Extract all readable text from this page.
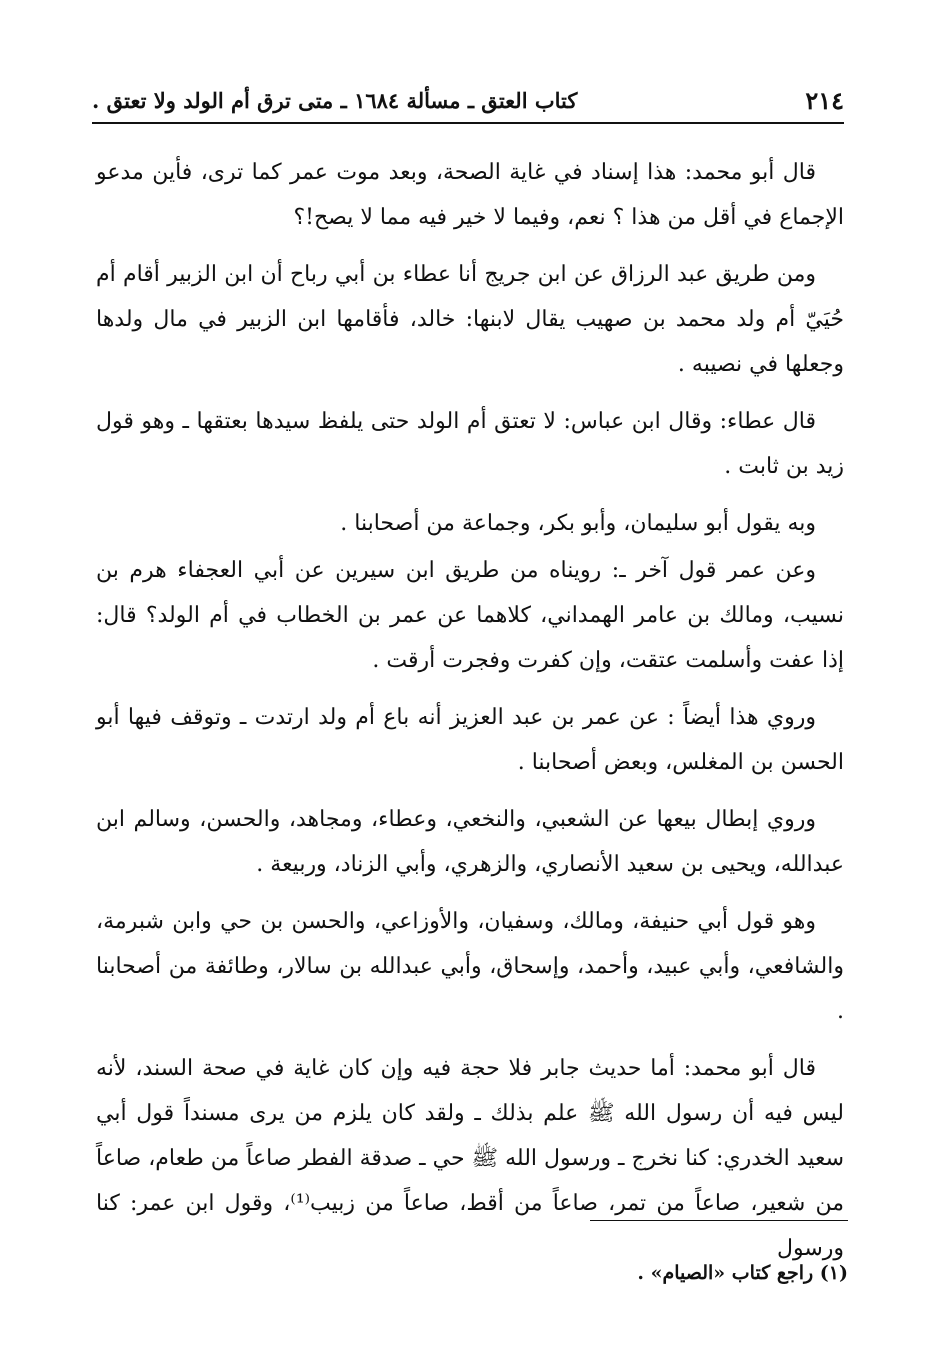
٢١٤
كتاب العتق ـ مسألة ١٦٨٤ ـ متى ترق أم الولد ولا تعتق .

قال أبو محمد: هذا إسناد في غاية الصحة، وبعد موت عمر كما ترى، فأين مدعو الإجماع في أقل من هذا ؟ نعم، وفيما لا خير فيه مما لا يصح!؟

ومن طريق عبد الرزاق عن ابن جريج أنا عطاء بن أبي رباح أن ابن الزبير أقام أم حُيَيّ أم ولد محمد بن صهيب يقال لابنها: خالد، فأقامها ابن الزبير في مال ولدها وجعلها في نصيبه .

قال عطاء: وقال ابن عباس: لا تعتق أم الولد حتى يلفظ سيدها بعتقها ـ وهو قول زيد بن ثابت .

وبه يقول أبو سليمان، وأبو بكر، وجماعة من أصحابنا .

وعن عمر قول آخر ـ: رويناه من طريق ابن سيرين عن أبي العجفاء هرم بن نسيب، ومالك بن عامر الهمداني، كلاهما عن عمر بن الخطاب في أم الولد؟ قال: إذا عفت وأسلمت عتقت، وإن كفرت وفجرت أرقت .

وروي هذا أيضاً : عن عمر بن عبد العزيز أنه باع أم ولد ارتدت ـ وتوقف فيها أبو الحسن بن المغلس، وبعض أصحابنا .

وروي إبطال بيعها عن الشعبي، والنخعي، وعطاء، ومجاهد، والحسن، وسالم ابن عبدالله، ويحيى بن سعيد الأنصاري، والزهري، وأبي الزناد، وربيعة .

وهو قول أبي حنيفة، ومالك، وسفيان، والأوزاعي، والحسن بن حي وابن شبرمة، والشافعي، وأبي عبيد، وأحمد، وإسحاق، وأبي عبدالله بن سالار، وطائفة من أصحابنا .

قال أبو محمد: أما حديث جابر فلا حجة فيه وإن كان غاية في صحة السند، لأنه ليس فيه أن رسول الله ﷺ علم بذلك ـ ولقد كان يلزم من يرى مسنداً قول أبي سعيد الخدري: كنا نخرج ـ ورسول الله ﷺ حي ـ صدقة الفطر صاعاً من طعام، صاعاً من شعير، صاعاً من تمر، صاعاً من أقط، صاعاً من زبيب⁽¹⁾، وقول ابن عمر: كنا ورسول

(١) راجع كتاب «الصيام» .
